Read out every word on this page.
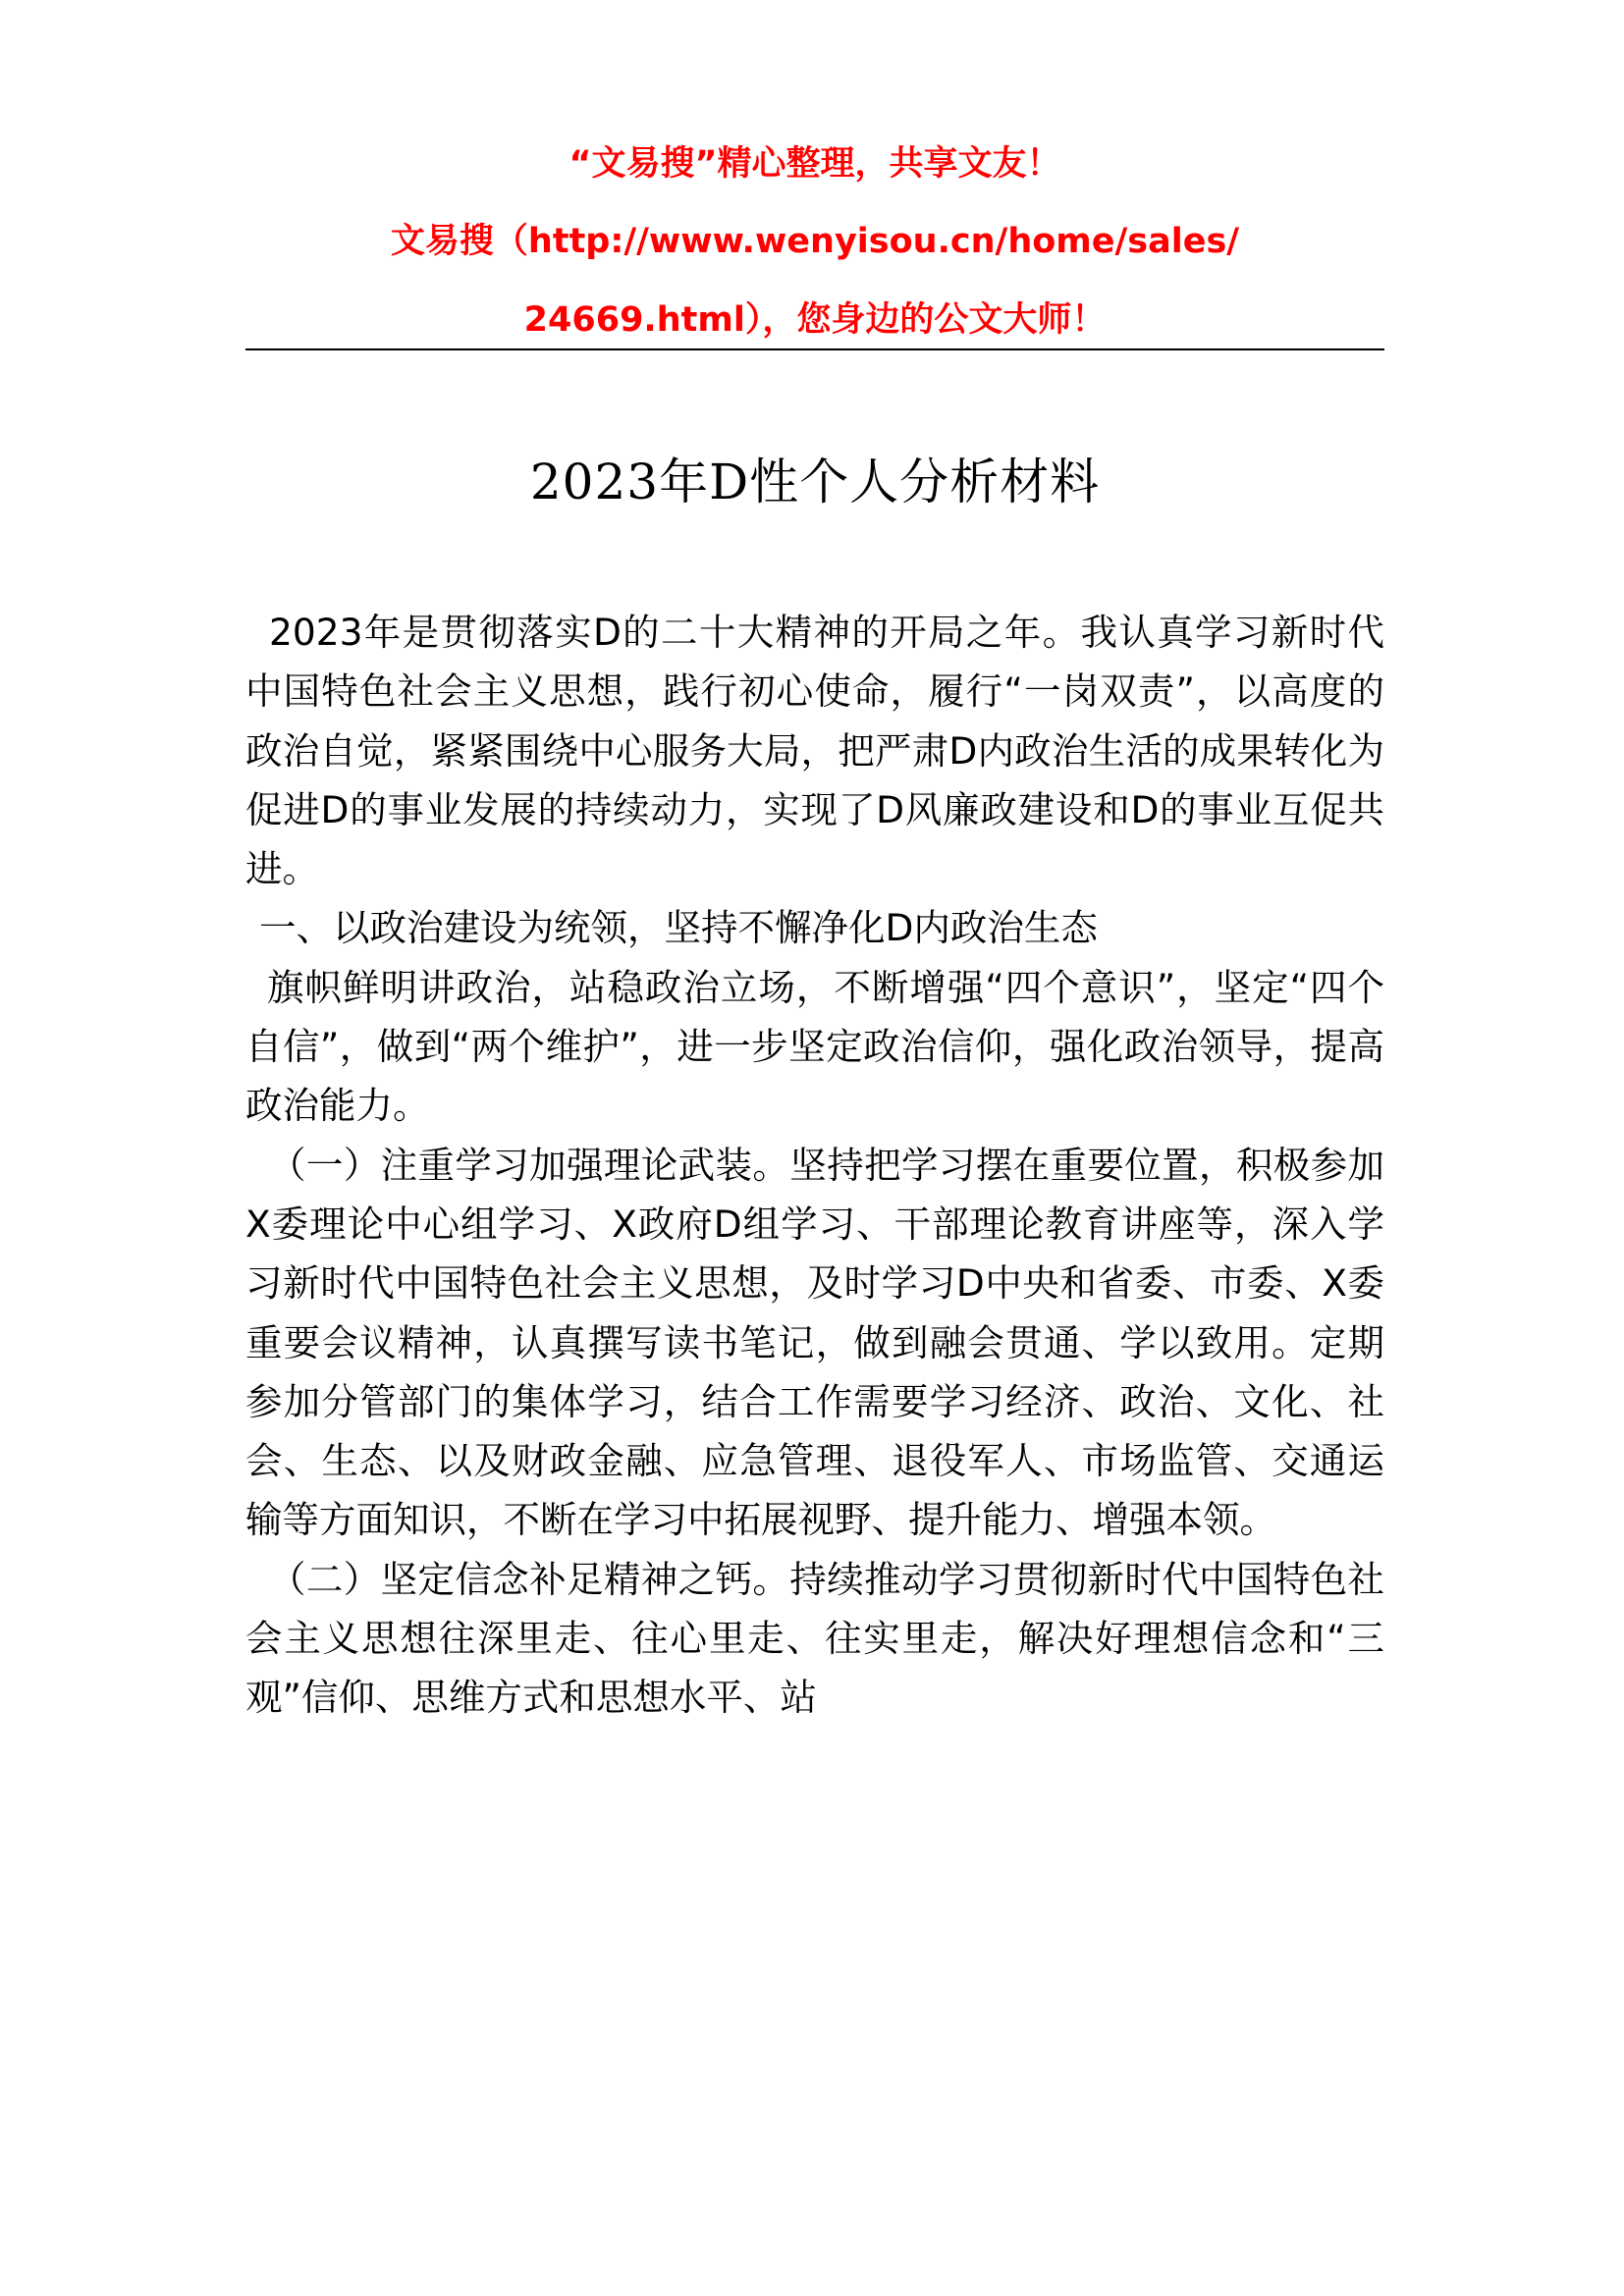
“文易搜”精心整理，共享文友！
文易搜（http://www.wenyisou.cn/home/sales/
24669.html），您身边的公文大师！
2023年D性个人分析材料

2023年是贯彻落实D的二十大精神的开局之年。我认真学习新时代中国特色社会主义思想，践行初心使命，履行“一岗双责”，以高度的政治自觉，紧紧围绕中心服务大局，把严肃D内政治生活的成果转化为促进D的事业发展的持续动力，实现了D风廉政建设和D的事业互促共进。

一、以政治建设为统领，坚持不懈净化D内政治生态

旗帜鲜明讲政治，站稳政治立场，不断增强“四个意识”，坚定“四个自信”，做到“两个维护”，进一步坚定政治信仰，强化政治领导，提高政治能力。

（一）注重学习加强理论武装。坚持把学习摆在重要位置，积极参加X委理论中心组学习、X政府D组学习、干部理论教育讲座等，深入学习新时代中国特色社会主义思想，及时学习D中央和省委、市委、X委重要会议精神，认真撰写读书笔记，做到融会贯通、学以致用。定期参加分管部门的集体学习，结合工作需要学习经济、政治、文化、社会、生态、以及财政金融、应急管理、退役军人、市场监管、交通运输等方面知识，不断在学习中拓展视野、提升能力、增强本领。

（二）坚定信念补足精神之钙。持续推动学习贯彻新时代中国特色社会主义思想往深里走、往心里走、往实里走，解决好理想信念和“三观”信仰、思维方式和思想水平、站
